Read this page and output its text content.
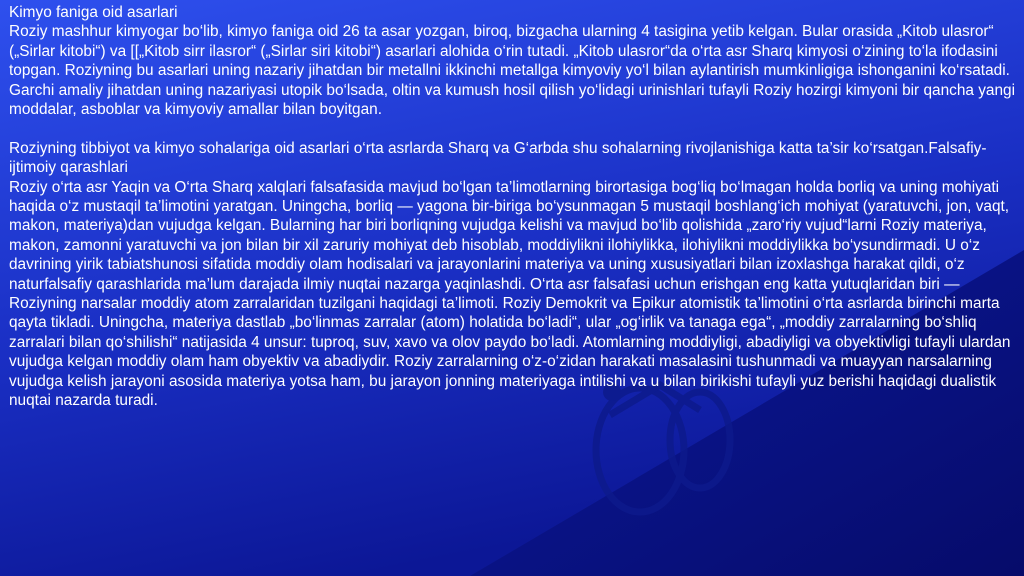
Kimyo faniga oid asarlari

Roziy mashhur kimyogar bo‘lib, kimyo faniga oid 26 ta asar yozgan, biroq, bizgacha ularning 4 tasigina yetib kelgan. Bular orasida „Kitob ulasror“ („Sirlar kitobi“) va [[„Kitob sirr ilasror“ („Sirlar siri kitobi“) asarlari alohida o‘rin tutadi. „Kitob ulasror“da o‘rta asr Sharq kimyosi o‘zining to‘la ifodasini topgan. Roziyning bu asarlari uning nazariy jihatdan bir metallni ikkinchi metallga kimyoviy yo‘l bilan aylantirish mumkinligiga ishonganini ko‘rsatadi. Garchi amaliy jihatdan uning nazariyasi utopik bo‘lsada, oltin va kumush hosil qilish yo‘lidagi urinishlari tufayli Roziy hozirgi kimyoni bir qancha yangi moddalar, asboblar va kimyoviy amallar bilan boyitgan.

Roziyning tibbiyot va kimyo sohalariga oid asarlari o‘rta asrlarda Sharq va G‘arbda shu sohalarning rivojlanishiga katta ta’sir ko‘rsatgan.Falsafiy-ijtimoiy qarashlari

Roziy o‘rta asr Yaqin va O‘rta Sharq xalqlari falsafasida mavjud bo‘lgan ta’limotlarning birortasiga bog‘liq bo‘lmagan holda borliq va uning mohiyati haqida o‘z mustaqil ta’limotini yaratgan. Uningcha, borliq — yagona bir-biriga bo‘ysunmagan 5 mustaqil boshlang‘ich mohiyat (yaratuvchi, jon, vaqt, makon, materiya)dan vujudga kelgan. Bularning har biri borliqning vujudga kelishi va mavjud bo‘lib qolishida „zaro‘riy vujud“larni Roziy materiya, makon, zamonni yaratuvchi va jon bilan bir xil zaruriy mohiyat deb hisoblab, moddiylikni ilohiylikka, ilohiylikni moddiylikka bo‘ysundirmadi. U o‘z davrining yirik tabiatshunosi sifatida moddiy olam hodisalari va jarayonlarini materiya va uning xususiyatlari bilan izoxlashga harakat qildi, o‘z naturfalsafiy qarashlarida ma’lum darajada ilmiy nuqtai nazarga yaqinlashdi. O‘rta asr falsafasi uchun erishgan eng katta yutuqlaridan biri — Roziyning narsalar moddiy atom zarralaridan tuzilgani haqidagi ta’limoti. Roziy Demokrit va Epikur atomistik ta’limotini o‘rta asrlarda birinchi marta qayta tikladi. Uningcha, materiya dastlab „bo‘linmas zarralar (atom) holatida bo‘ladi“, ular „og‘irlik va tanaga ega“, „moddiy zarralarning bo‘shliq zarralari bilan qo‘shilishi“ natijasida 4 unsur: tuproq, suv, xavo va olov paydo bo‘ladi. Atomlarning moddiyligi, abadiyligi va obyektivligi tufayli ulardan vujudga kelgan moddiy olam ham obyektiv va abadiydir. Roziy zarralarning o‘z-o‘zidan harakati masalasini tushunmadi va muayyan narsalarning vujudga kelish jarayoni asosida materiya yotsa ham, bu jarayon jonning materiyaga intilishi va u bilan birikishi tufayli yuz berishi haqidagi dualistik nuqtai nazarda turadi.
